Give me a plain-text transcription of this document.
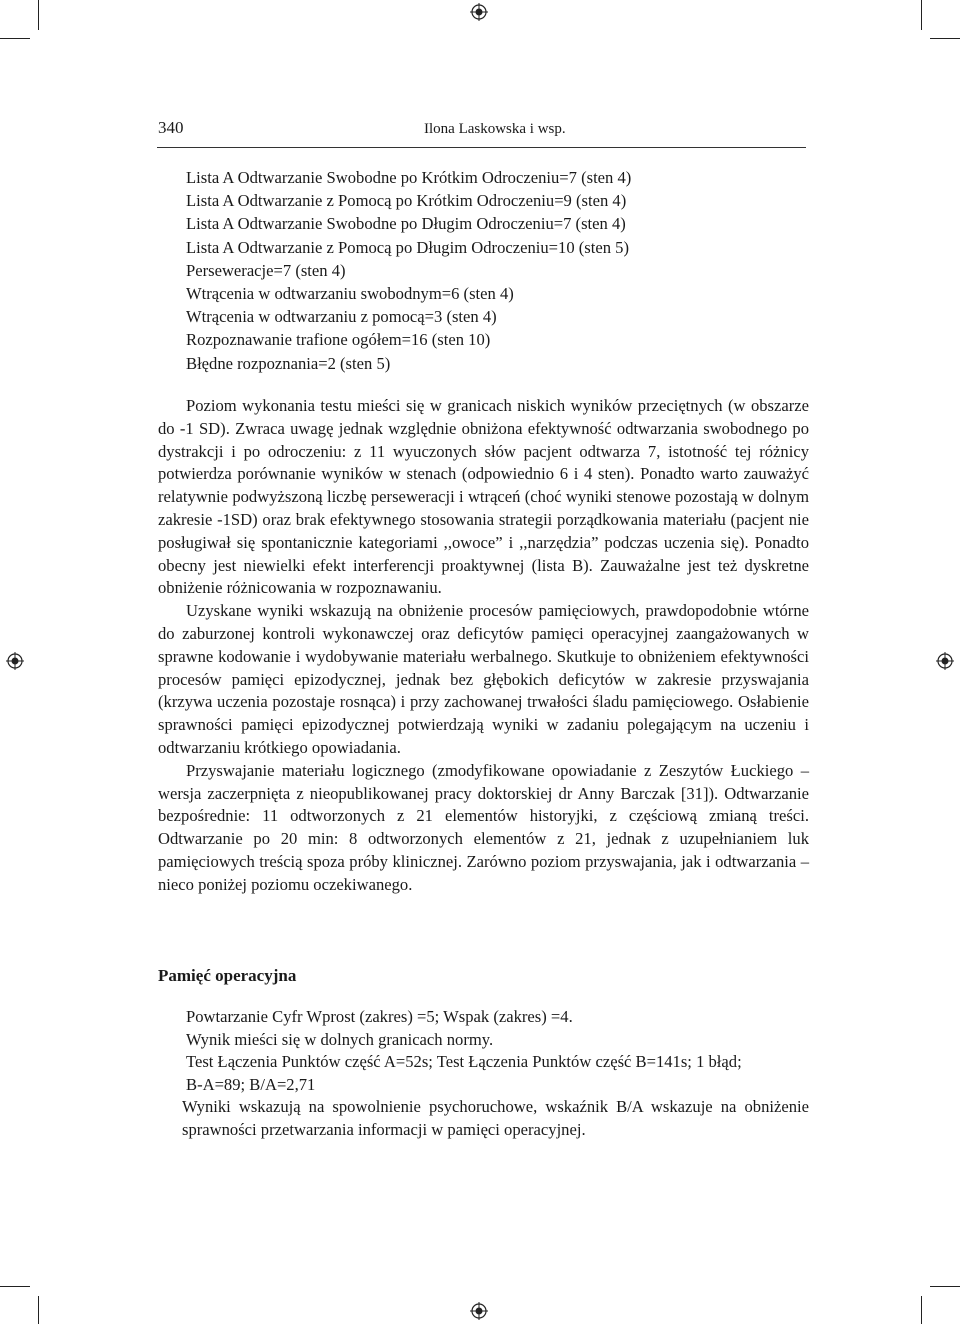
340	Ilona Laskowska i wsp.
Lista A Odtwarzanie Swobodne po Krótkim Odroczeniu=7 (sten 4)
Lista A Odtwarzanie z Pomocą po Krótkim Odroczeniu=9 (sten 4)
Lista A Odtwarzanie Swobodne po Długim Odroczeniu=7 (sten 4)
Lista A Odtwarzanie z Pomocą po Długim Odroczeniu=10 (sten 5)
Perseweracje=7 (sten 4)
Wtrącenia w odtwarzaniu swobodnym=6 (sten 4)
Wtrącenia w odtwarzaniu z pomocą=3 (sten 4)
Rozpoznawanie trafione ogółem=16 (sten 10)
Błędne rozpoznania=2 (sten 5)

Poziom wykonania testu mieści się w granicach niskich wyników przeciętnych (w obszarze do -1 SD). Zwraca uwagę jednak względnie obniżona efektywność odtwarzania swobodnego po dystrakcji i po odroczeniu: z 11 wyuczonych słów pacjent odtwarza 7, istotność tej różnicy potwierdza porównanie wyników w stenach (odpowiednio 6 i 4 sten). Ponadto warto zauważyć relatywnie podwyższoną liczbę perseweracji i wtrąceń (choć wyniki stenowe pozostają w dolnym zakresie -1SD) oraz brak efektywnego stosowania strategii porządkowania materiału (pacjent nie posługiwał się spontanicznie kategoriami ,,owoce” i ,,narzędzia” podczas uczenia się). Ponadto obecny jest niewielki efekt interferencji proaktywnej (lista B). Zauważalne jest też dyskretne obniżenie różnicowania w rozpoznawaniu.

Uzyskane wyniki wskazują na obniżenie procesów pamięciowych, prawdopodobnie wtórne do zaburzonej kontroli wykonawczej oraz deficytów pamięci operacyjnej zaangażowanych w sprawne kodowanie i wydobywanie materiału werbalnego. Skutkuje to obniżeniem efektywności procesów pamięci epizodycznej, jednak bez głębokich deficytów w zakresie przyswajania (krzywa uczenia pozostaje rosnąca) i przy zachowanej trwałości śladu pamięciowego. Osłabienie sprawności pamięci epizodycznej potwierdzają wyniki w zadaniu polegającym na uczeniu i odtwarzaniu krótkiego opowiadania.

Przyswajanie materiału logicznego (zmodyfikowane opowiadanie z Zeszytów Łuckiego – wersja zaczerpnięta z nieopublikowanej pracy doktorskiej dr Anny Barczak [31]). Odtwarzanie bezpośrednie: 11 odtworzonych z 21 elementów historyjki, z częściową zmianą treści. Odtwarzanie po 20 min: 8 odtworzonych elementów z 21, jednak z uzupełnianiem luk pamięciowych treścią spoza próby klinicznej. Zarówno poziom przyswajania, jak i odtwarzania – nieco poniżej poziomu oczekiwanego.

Pamięć operacyjna
Powtarzanie Cyfr Wprost (zakres) =5; Wspak (zakres) =4.
Wynik mieści się w dolnych granicach normy.
Test Łączenia Punktów część A=52s; Test Łączenia Punktów część B=141s; 1 błąd;
B-A=89; B/A=2,71

Wyniki wskazują na spowolnienie psychoruchowe, wskaźnik B/A wskazuje na obniżenie sprawności przetwarzania informacji w pamięci operacyjnej.
